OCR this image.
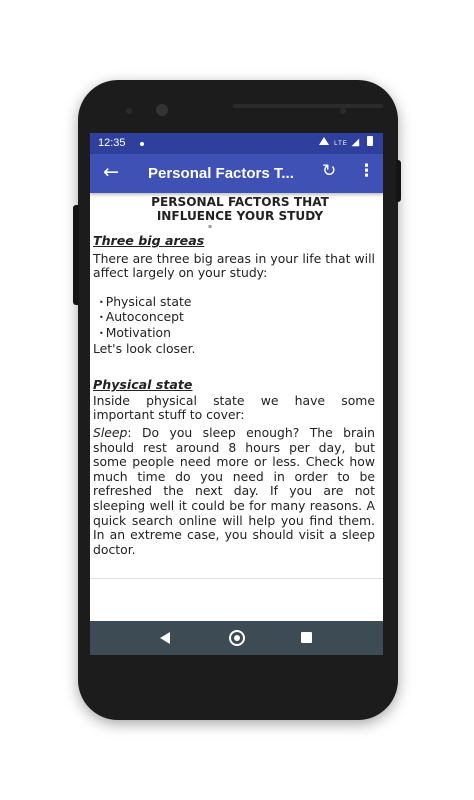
12:35	LTE ◢
← Personal Factors T...	↻ ⋮
PERSONAL FACTORS THAT INFLUENCE YOUR STUDY
▪
Three big areas

There are three big areas in your life that will affect largely on your study:

• Physical state
• Autoconcept
• Motivation

Let's look closer.

Physical state

Inside physical state we have some important stuff to cover:

Sleep: Do you sleep enough? The brain should rest around 8 hours per day, but some people need more or less. Check how much time do you need in order to be refreshed the next day. If you are not sleeping well it could be for many reasons. A quick search online will help you find them. In an extreme case, you should visit a sleep doctor.
